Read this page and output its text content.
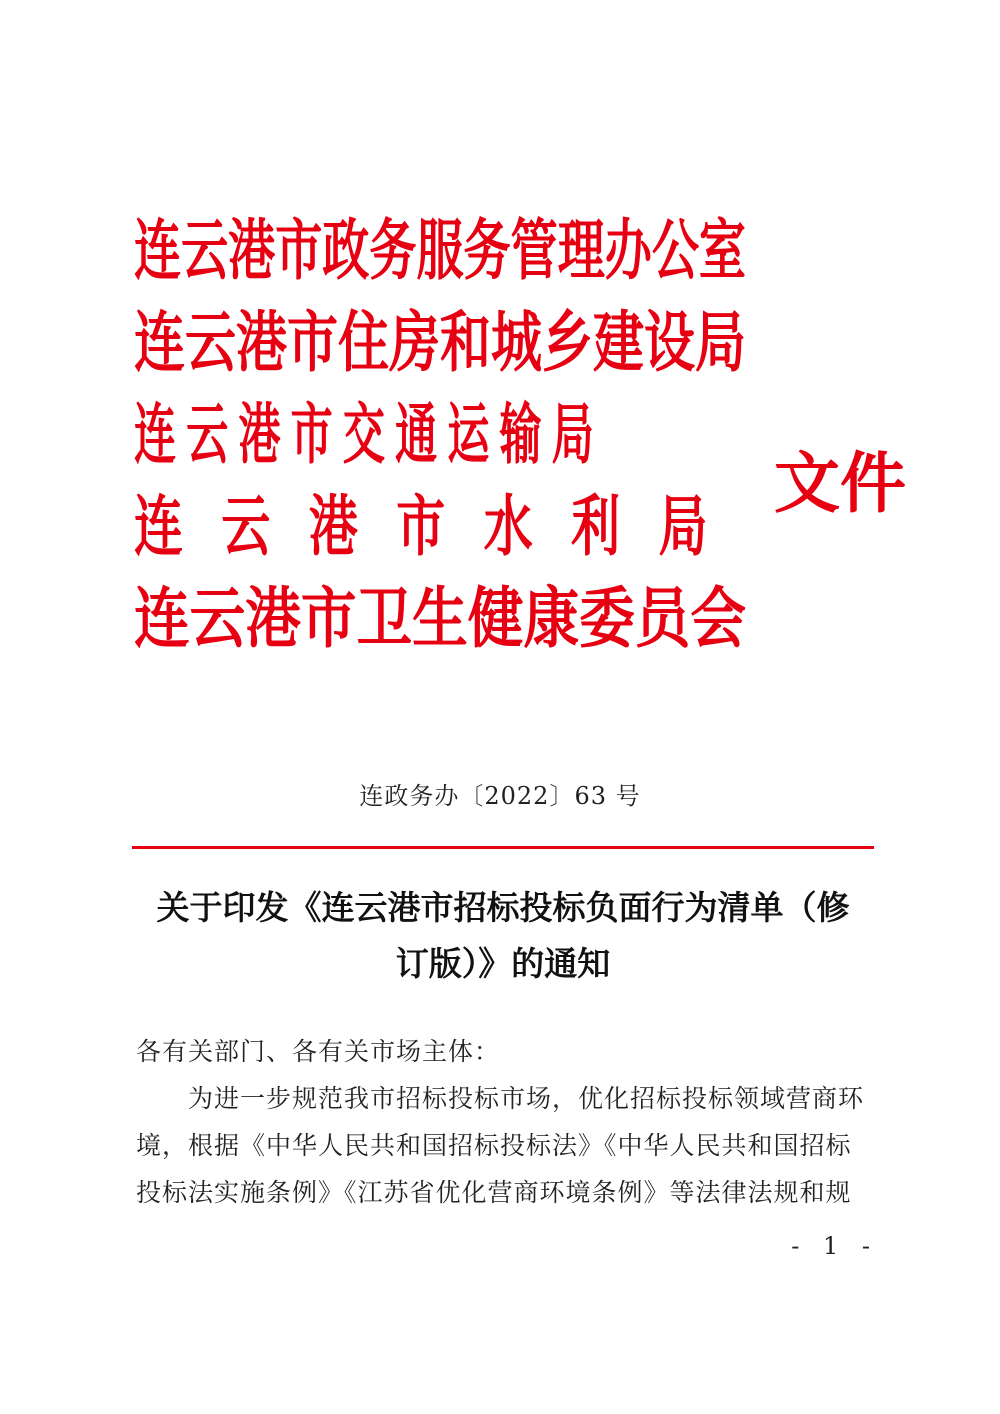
连云港市政务服务管理办公室
连云港市住房和城乡建设局
连云港市交通运输局
连云港市水利局
连云港市卫生健康委员会
文件
连政务办〔2022〕63 号
关于印发《连云港市招标投标负面行为清单（修
订版）》的通知
各有关部门、各有关市场主体：
为进一步规范我市招标投标市场，优化招标投标领域营商环
境，根据《中华人民共和国招标投标法》《中华人民共和国招标
投标法实施条例》《江苏省优化营商环境条例》等法律法规和规
- 1 -
